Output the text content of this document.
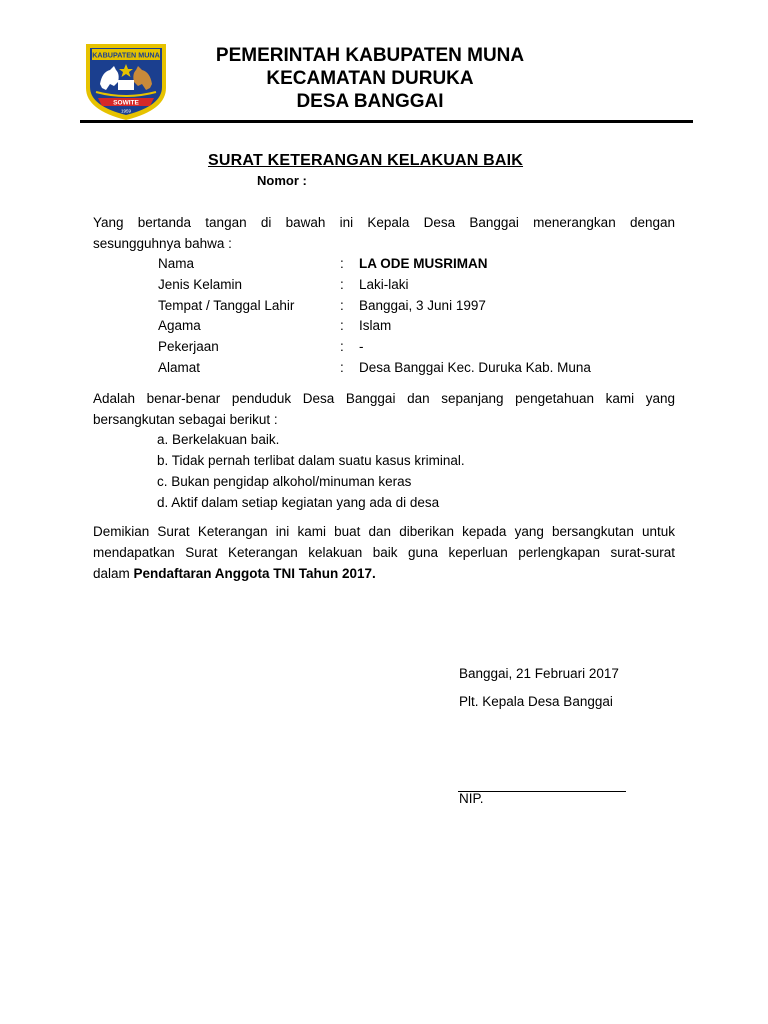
KABUPATEN MUNA
SOWITE
1959
PEMERINTAH KABUPATEN MUNA
KECAMATAN DURUKA
DESA BANGGAI
SURAT KETERANGAN KELAKUAN BAIK
Nomor :
Yang bertanda tangan di bawah ini Kepala Desa Banggai menerangkan dengan
sesungguhnya bahwa :
Nama	: LA ODE MUSRIMAN
Jenis Kelamin	: Laki-laki
Tempat / Tanggal Lahir	: Banggai, 3 Juni 1997
Agama	: Islam
Pekerjaan	: -
Alamat	: Desa Banggai Kec. Duruka Kab. Muna
Adalah benar-benar penduduk Desa Banggai dan sepanjang pengetahuan kami yang
bersangkutan sebagai berikut :
a. Berkelakuan baik.
b. Tidak pernah terlibat dalam suatu kasus kriminal.
c. Bukan pengidap alkohol/minuman keras
d. Aktif dalam setiap kegiatan yang ada di desa
Demikian Surat Keterangan ini kami buat dan diberikan kepada yang bersangkutan untuk
mendapatkan Surat Keterangan kelakuan baik guna keperluan perlengkapan surat-surat
dalam Pendaftaran Anggota TNI Tahun 2017.
Banggai, 21 Februari 2017
Plt. Kepala Desa Banggai
NIP.
